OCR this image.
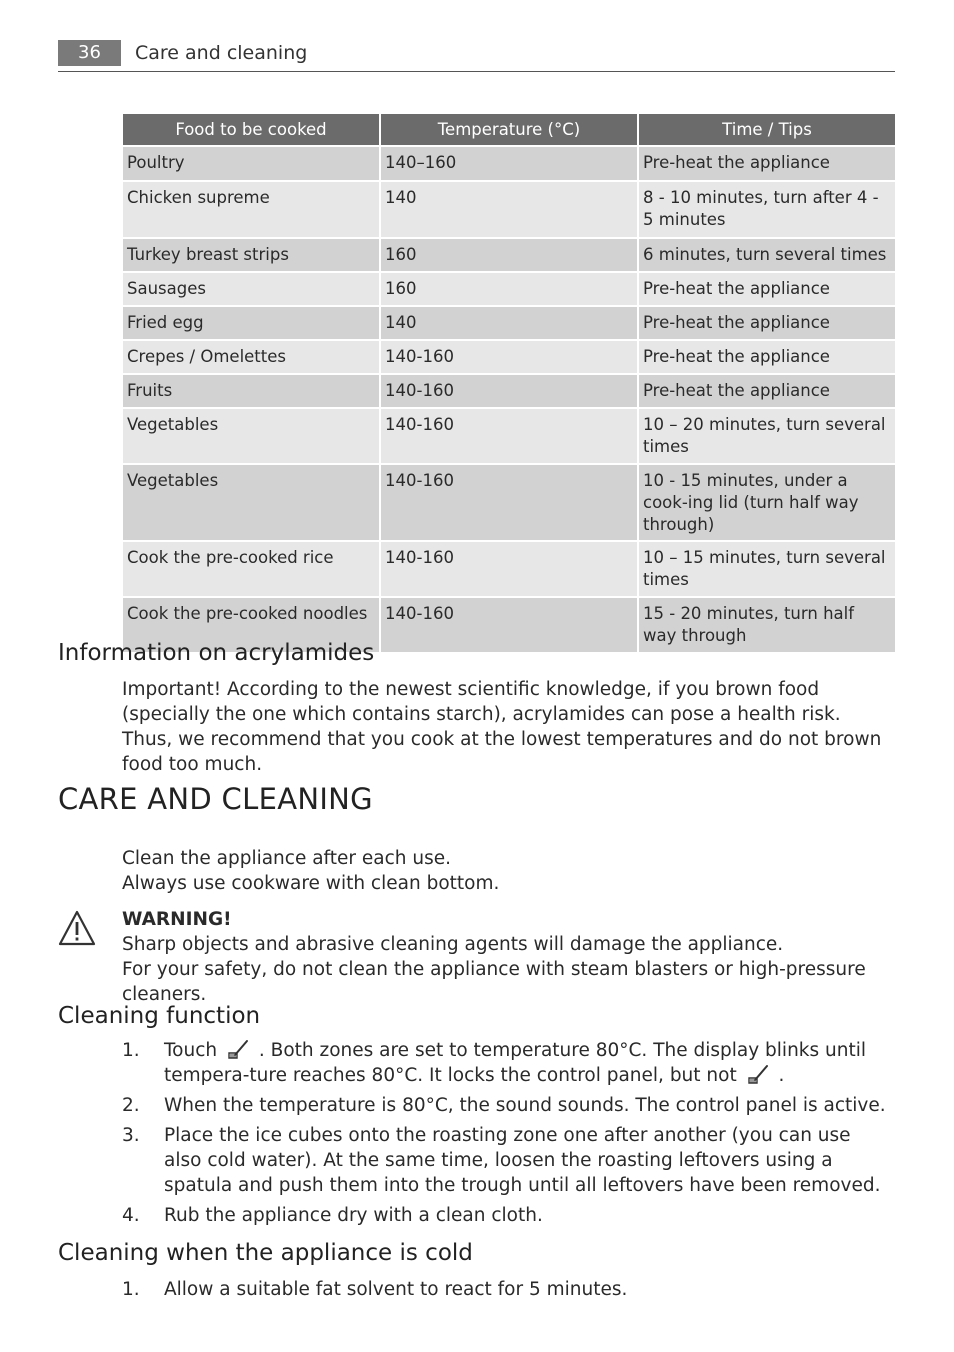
36	Care and cleaning
Food to be cooked	Temperature (°C)	Time / Tips
Poultry	140–160	Pre-heat the appliance
Chicken supreme	140	8 - 10 minutes, turn after 4 - 5 minutes
Turkey breast strips	160	6 minutes, turn several times
Sausages	160	Pre-heat the appliance
Fried egg	140	Pre-heat the appliance
Crepes / Omelettes	140-160	Pre-heat the appliance
Fruits	140-160	Pre-heat the appliance
Vegetables	140-160	10 – 20 minutes, turn several times
Vegetables	140-160	10 - 15 minutes, under a cook-ing lid (turn half way through)
Cook the pre-cooked rice	140-160	10 – 15 minutes, turn several times
Cook the pre-cooked noodles	140-160	15 - 20 minutes, turn half way through
Information on acrylamides

Important! According to the newest scientific knowledge, if you brown food (specially the one which contains starch), acrylamides can pose a health risk. Thus, we recommend that you cook at the lowest temperatures and do not brown food too much.

CARE AND CLEANING

Clean the appliance after each use.

Always use cookware with clean bottom.

WARNING!

Sharp objects and abrasive cleaning agents will damage the appliance.

For your safety, do not clean the appliance with steam blasters or high-pressure cleaners.

Cleaning function
1. Touch  . Both zones are set to temperature 80°C. The display blinks until tempera-ture reaches 80°C. It locks the control panel, but not  .
2. When the temperature is 80°C, the sound sounds. The control panel is active.
3. Place the ice cubes onto the roasting zone one after another (you can use also cold water). At the same time, loosen the roasting leftovers using a spatula and push them into the trough until all leftovers have been removed.
4. Rub the appliance dry with a clean cloth.
Cleaning when the appliance is cold
1. Allow a suitable fat solvent to react for 5 minutes.
